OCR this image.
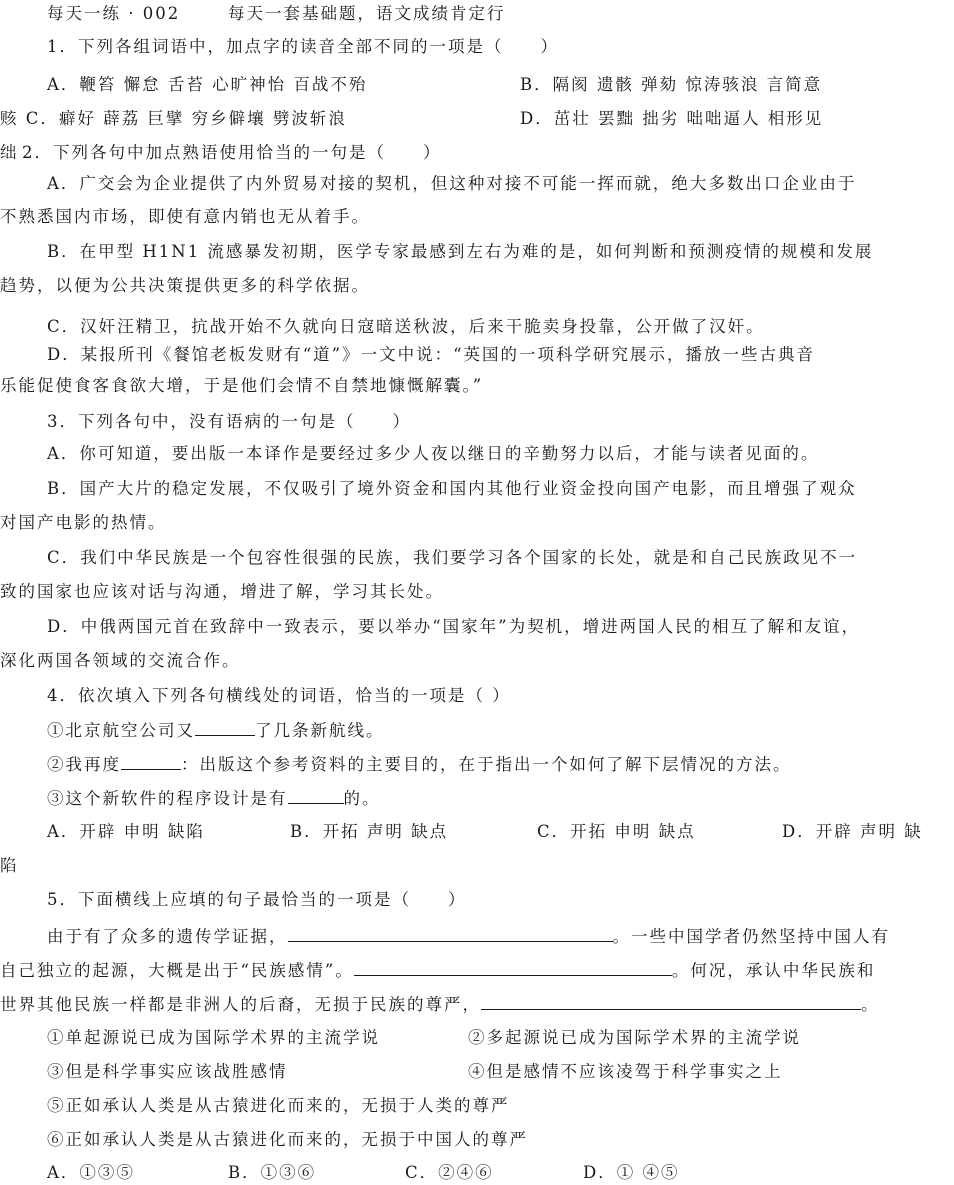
每天一练 · 002	每天一套基础题，语文成绩肯定行

1．下列各组词语中，加点字的读音全部不同的一项是（　　）

A．鞭笞 懈怠 舌苔 心旷神怡 百战不殆	B．隔阂 遗骸 弹劾 惊涛骇浪 言简意

赅 C．癖好 薜荔 巨擘 穷乡僻壤 劈波斩浪	D．茁壮 罢黜 拙劣 咄咄逼人 相形见

绌 2．下列各句中加点熟语使用恰当的一句是（　　）

A．广交会为企业提供了内外贸易对接的契机，但这种对接不可能一挥而就，绝大多数出口企业由于

不熟悉国内市场，即使有意内销也无从着手。

B．在甲型 H1N1 流感暴发初期，医学专家最感到左右为难的是，如何判断和预测疫情的规模和发展

趋势，以便为公共决策提供更多的科学依据。

C．汉奸汪精卫，抗战开始不久就向日寇暗送秋波，后来干脆卖身投靠，公开做了汉奸。

D．某报所刊《餐馆老板发财有“道”》一文中说：“英国的一项科学研究展示，播放一些古典音

乐能促使食客食欲大增，于是他们会情不自禁地慷慨解囊。”

3．下列各句中，没有语病的一句是（　　）

A．你可知道，要出版一本译作是要经过多少人夜以继日的辛勤努力以后，才能与读者见面的。

B．国产大片的稳定发展，不仅吸引了境外资金和国内其他行业资金投向国产电影，而且增强了观众

对国产电影的热情。

C．我们中华民族是一个包容性很强的民族，我们要学习各个国家的长处，就是和自己民族政见不一

致的国家也应该对话与沟通，增进了解，学习其长处。

D．中俄两国元首在致辞中一致表示，要以举办“国家年”为契机，增进两国人民的相互了解和友谊，

深化两国各领域的交流合作。

4．依次填入下列各句横线处的词语，恰当的一项是（ ）

①北京航空公司又	了几条新航线。

②我再度	：出版这个参考资料的主要目的，在于指出一个如何了解下层情况的方法。

③这个新软件的程序设计是有	的。

A．开辟 申明 缺陷	B．开拓 声明 缺点	C．开拓 申明 缺点	D．开辟 声明 缺

陷

5．下面横线上应填的句子最恰当的一项是（　　）

由于有了众多的遗传学证据，	。一些中国学者仍然坚持中国人有

自己独立的起源，大概是出于“民族感情”。	。何况，承认中华民族和

世界其他民族一样都是非洲人的后裔，无损于民族的尊严，	。

①单起源说已成为国际学术界的主流学说	②多起源说已成为国际学术界的主流学说

③但是科学事实应该战胜感情	④但是感情不应该凌驾于科学事实之上

⑤正如承认人类是从古猿进化而来的，无损于人类的尊严

⑥正如承认人类是从古猿进化而来的，无损于中国人的尊严

A．①③⑤	B．①③⑥	C．②④⑥	D．① ④⑤
